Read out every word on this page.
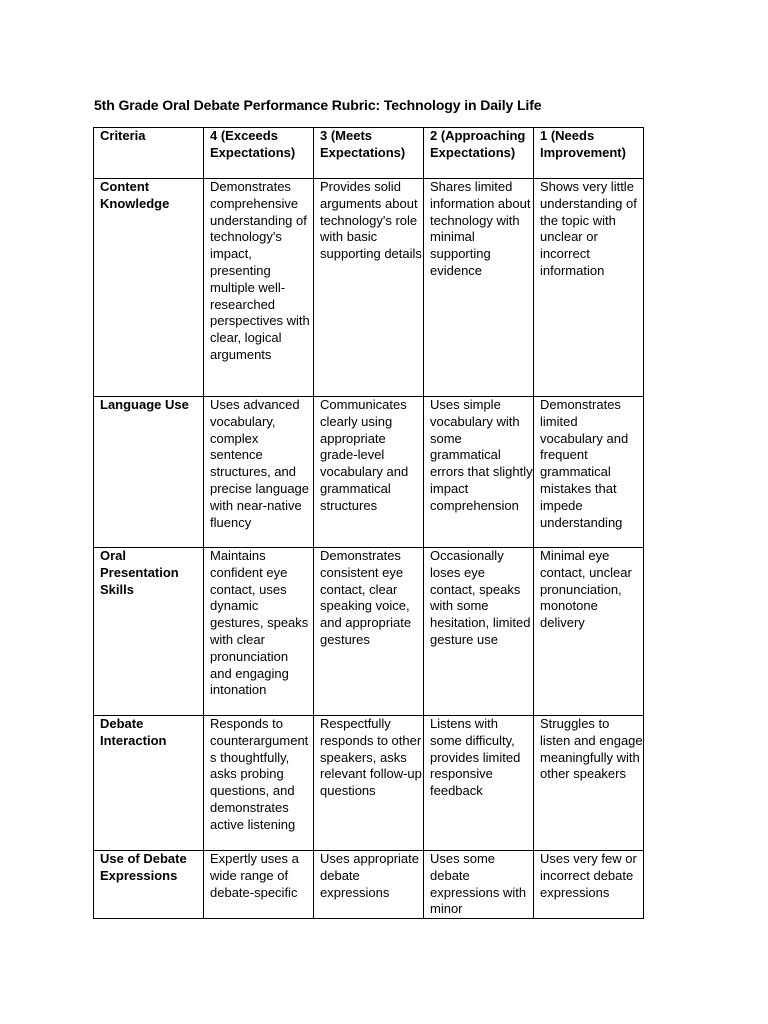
5th Grade Oral Debate Performance Rubric: Technology in Daily Life
Criteria	4 (Exceeds Expectations)	3 (Meets Expectations)	2 (Approaching Expectations)	1 (Needs Improvement)
Content Knowledge	Demonstrates comprehensive understanding of technology's impact, presenting multiple well-researched perspectives with clear, logical arguments	Provides solid arguments about technology's role with basic supporting details	Shares limited information about technology with minimal supporting evidence	Shows very little understanding of the topic with unclear or incorrect information
Language Use	Uses advanced vocabulary, complex sentence structures, and precise language with near-native fluency	Communicates clearly using appropriate grade-level vocabulary and grammatical structures	Uses simple vocabulary with some grammatical errors that slightly impact comprehension	Demonstrates limited vocabulary and frequent grammatical mistakes that impede understanding
Oral Presentation Skills	Maintains confident eye contact, uses dynamic gestures, speaks with clear pronunciation and engaging intonation	Demonstrates consistent eye contact, clear speaking voice, and appropriate gestures	Occasionally loses eye contact, speaks with some hesitation, limited gesture use	Minimal eye contact, unclear pronunciation, monotone delivery
Debate Interaction	Responds to counterarguments thoughtfully, asks probing questions, and demonstrates active listening	Respectfully responds to other speakers, asks relevant follow-up questions	Listens with some difficulty, provides limited responsive feedback	Struggles to listen and engage meaningfully with other speakers
Use of Debate Expressions	Expertly uses a wide range of debate-specific	Uses appropriate debate expressions	Uses some debate expressions with minor	Uses very few or incorrect debate expressions
